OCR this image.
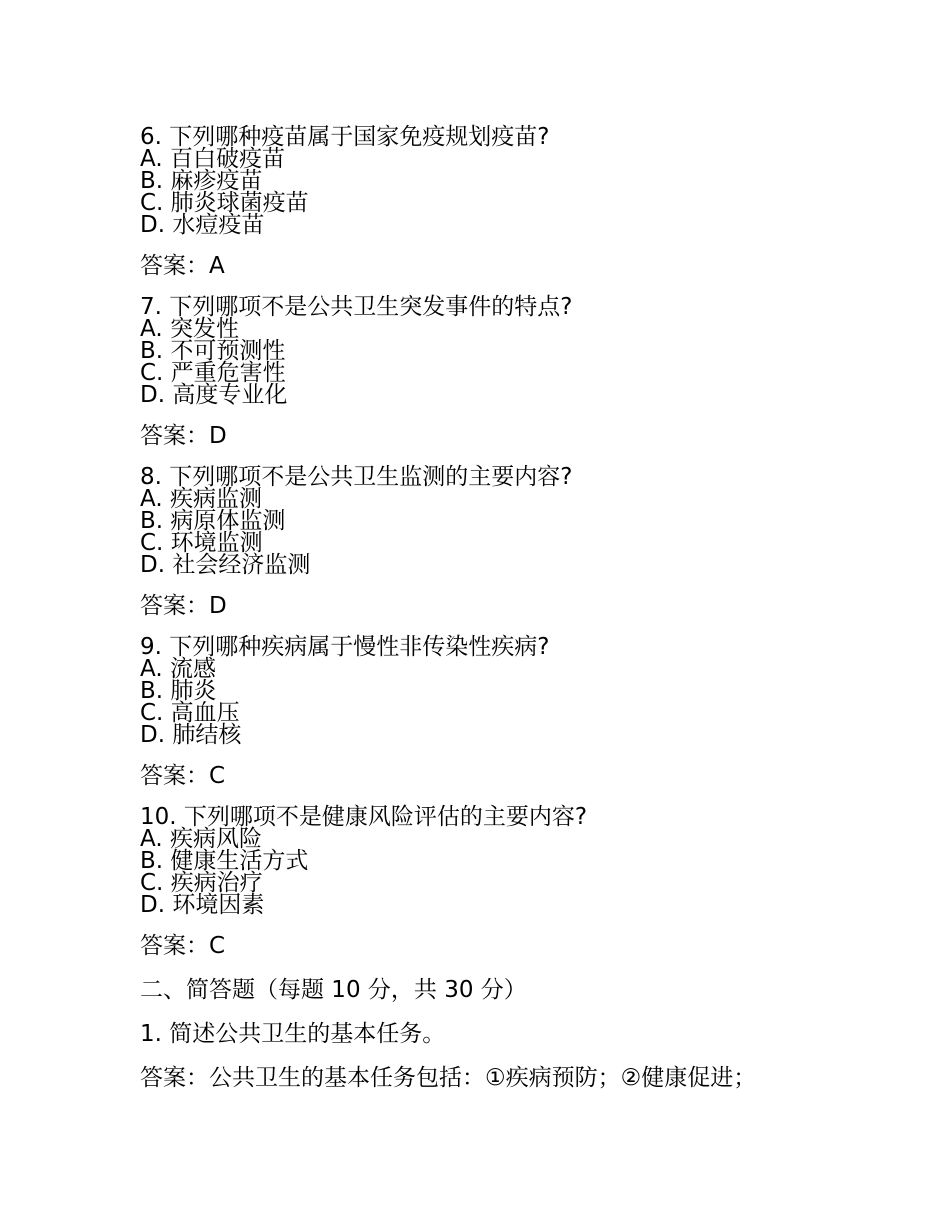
6. 下列哪种疫苗属于国家免疫规划疫苗?

A. 百白破疫苗

B. 麻疹疫苗

C. 肺炎球菌疫苗

D. 水痘疫苗

答案：A

7. 下列哪项不是公共卫生突发事件的特点?

A. 突发性

B. 不可预测性

C. 严重危害性

D. 高度专业化

答案：D

8. 下列哪项不是公共卫生监测的主要内容?

A. 疾病监测

B. 病原体监测

C. 环境监测

D. 社会经济监测

答案：D

9. 下列哪种疾病属于慢性非传染性疾病?

A. 流感

B. 肺炎

C. 高血压

D. 肺结核

答案：C

10. 下列哪项不是健康风险评估的主要内容?

A. 疾病风险

B. 健康生活方式

C. 疾病治疗

D. 环境因素

答案：C
二、简答题（每题 10 分，共 30 分）
1. 简述公共卫生的基本任务。
答案：公共卫生的基本任务包括：①疾病预防；②健康促进；
